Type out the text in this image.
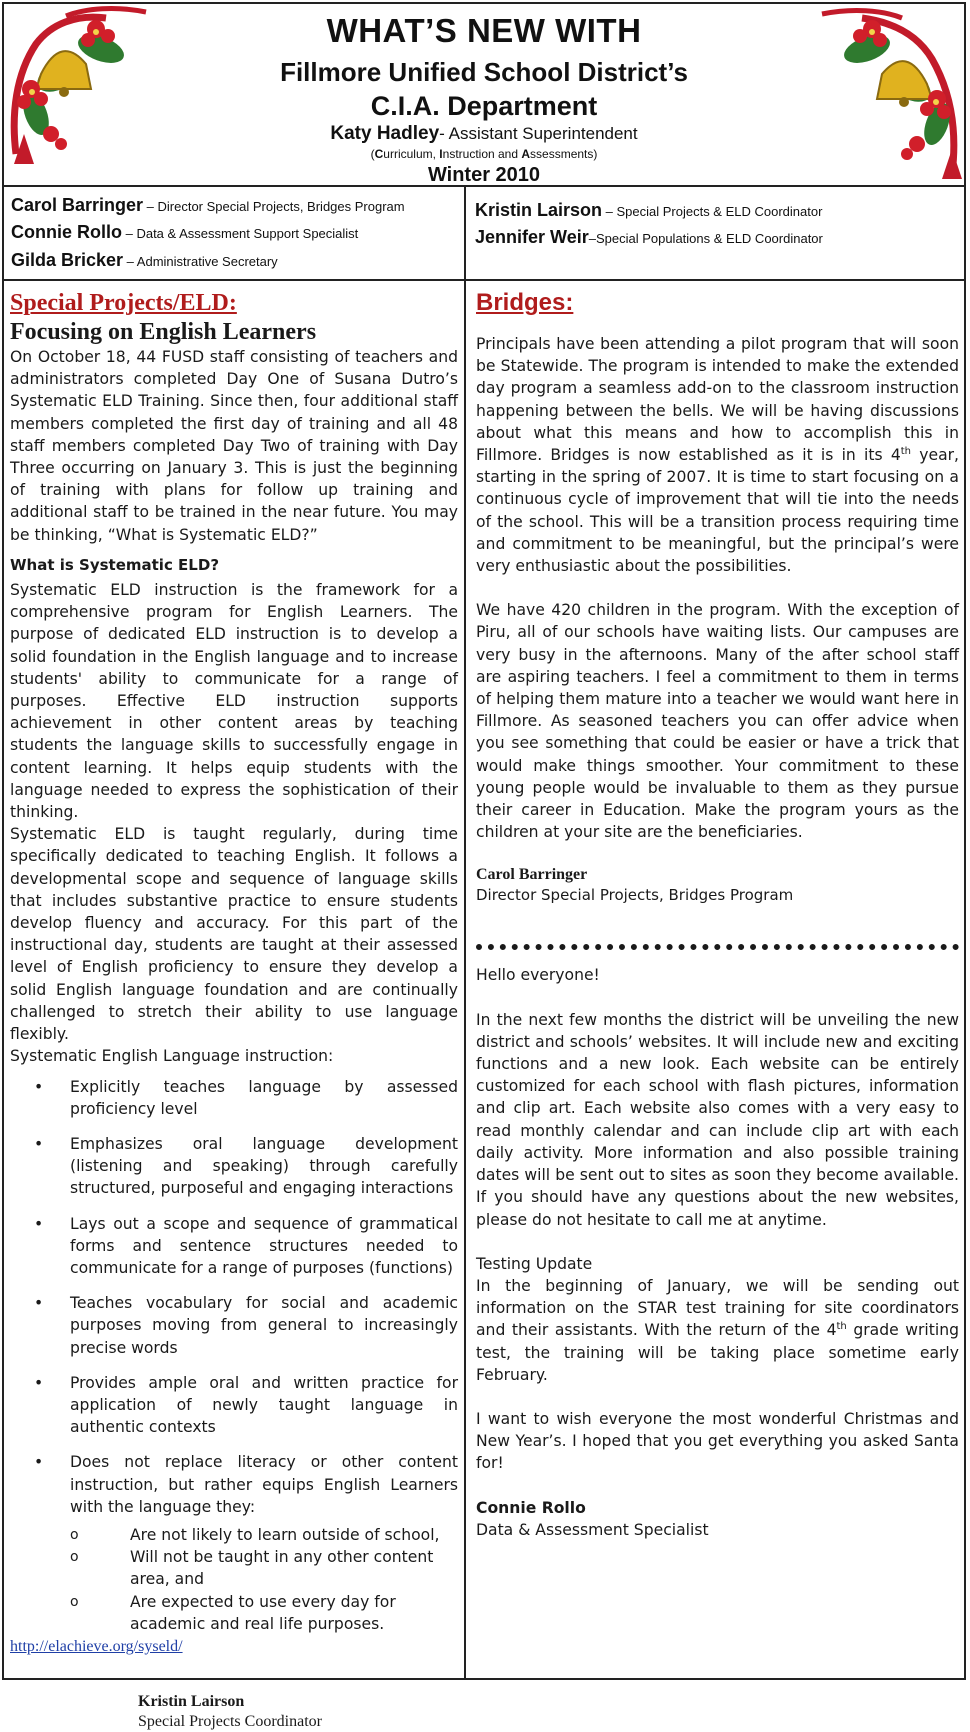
WHAT’S NEW WITH
Fillmore Unified School District’s
C.I.A. Department
Katy Hadley- Assistant Superintendent
(Curriculum, Instruction and Assessments)
Winter 2010
Carol Barringer – Director Special Projects, Bridges Program
Connie Rollo – Data & Assessment Support Specialist
Gilda Bricker – Administrative Secretary
Kristin Lairson – Special Projects & ELD Coordinator
Jennifer Weir–Special Populations & ELD Coordinator

Special Projects/ELD:

Focusing on English Learners

On October 18, 44 FUSD staff consisting of teachers and administrators completed Day One of Susana Dutro’s Systematic ELD Training. Since then, four additional staff members completed the first day of training and all 48 staff members completed Day Two of training with Day Three occurring on January 3. This is just the beginning of training with plans for follow up training and additional staff to be trained in the near future. You may be thinking, “What is Systematic ELD?”

What is Systematic ELD?

Systematic ELD instruction is the framework for a comprehensive program for English Learners. The purpose of dedicated ELD instruction is to develop a solid foundation in the English language and to increase students' ability to communicate for a range of purposes. Effective ELD instruction supports achievement in other content areas by teaching students the language skills to successfully engage in content learning. It helps equip students with the language needed to express the sophistication of their thinking.

Systematic ELD is taught regularly, during time specifically dedicated to teaching English. It follows a developmental scope and sequence of language skills that includes substantive practice to ensure students develop fluency and accuracy. For this part of the instructional day, students are taught at their assessed level of English proficiency to ensure they develop a solid English language foundation and are continually challenged to stretch their ability to use language flexibly.

Systematic English Language instruction:

• Explicitly teaches language by assessed proficiency level
• Emphasizes oral language development (listening and speaking) through carefully structured, purposeful and engaging interactions
• Lays out a scope and sequence of grammatical forms and sentence structures needed to communicate for a range of purposes (functions)
• Teaches vocabulary for social and academic purposes moving from general to increasingly precise words
• Provides ample oral and written practice for application of newly taught language in authentic contexts
• Does not replace literacy or other content instruction, but rather equips English Learners with the language they:
o	Are not likely to learn outside of school,
o	Will not be taught in any other content area, and
o	Are expected to use every day for academic and real life purposes.
http://elachieve.org/syseld/
Kristin Lairson
Special Projects Coordinator

Bridges:

Principals have been attending a pilot program that will soon be Statewide. The program is intended to make the extended day program a seamless add-on to the classroom instruction happening between the bells. We will be having discussions about what this means and how to accomplish this in Fillmore. Bridges is now established as it is in its 4th year, starting in the spring of 2007. It is time to start focusing on a continuous cycle of improvement that will tie into the needs of the school. This will be a transition process requiring time and commitment to be meaningful, but the principal’s were very enthusiastic about the possibilities.

We have 420 children in the program. With the exception of Piru, all of our schools have waiting lists. Our campuses are very busy in the afternoons. Many of the after school staff are aspiring teachers. I feel a commitment to them in terms of helping them mature into a teacher we would want here in Fillmore. As seasoned teachers you can offer advice when you see something that could be easier or have a trick that would make things smoother. Your commitment to these young people would be invaluable to them as they pursue their career in Education. Make the program yours as the children at your site are the beneficiaries.

Carol Barringer
Director Special Projects, Bridges Program

Hello everyone!

In the next few months the district will be unveiling the new district and schools’ websites. It will include new and exciting functions and a new look. Each website can be entirely customized for each school with flash pictures, information and clip art. Each website also comes with a very easy to read monthly calendar and can include clip art with each daily activity. More information and also possible training dates will be sent out to sites as soon they become available. If you should have any questions about the new websites, please do not hesitate to call me at anytime.

Testing Update

In the beginning of January, we will be sending out information on the STAR test training for site coordinators and their assistants. With the return of the 4th grade writing test, the training will be taking place sometime early February.

I want to wish everyone the most wonderful Christmas and New Year’s. I hoped that you get everything you asked Santa for!

Connie Rollo
Data & Assessment Specialist
